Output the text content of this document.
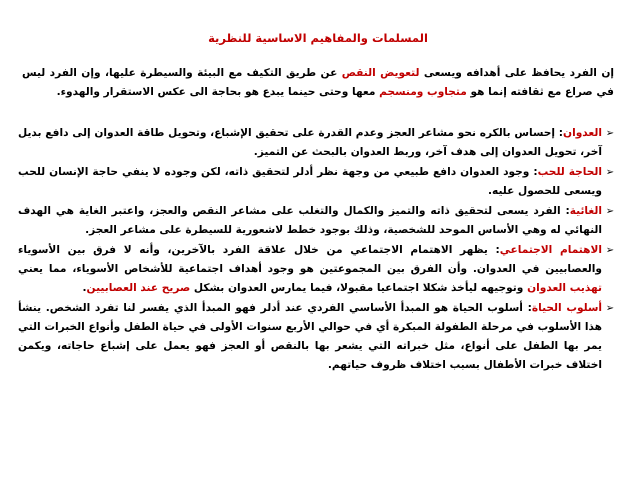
المسلمات والمفاهيم الاساسية للنظرية

إن الفرد يحافظ على أهدافه ويسعى لتعويض النقص عن طريق التكيف مع البيئة والسيطرة عليها، وإن الفرد ليس في صراع مع ثقافته إنما هو متجاوب ومنسجم معها وحتى حينما يبدع هو بحاجة الى عكس الاستقرار والهدوء.

➢
العدوان: إحساس بالكره نحو مشاعر العجز وعدم القدرة على تحقيق الإشباع، وتحويل طاقة العدوان إلى دافع بديل آخر، تحويل العدوان إلى هدف آخر، وربط العدوان بالبحث عن التميز.
➢
الحاجة للحب: وجود العدوان دافع طبيعي من وجهة نظر أدلر لتحقيق ذاته، لكن وجوده لا ينفي حاجة الإنسان للحب ويسعى للحصول عليه.
➢
الغائية: الفرد يسعى لتحقيق ذاته والتميز والكمال والتغلب على مشاعر النقص والعجز، واعتبر الغاية هي الهدف النهائي له وهي الأساس الموحد للشخصية، وذلك بوجود خطط لاشعورية للسيطرة على مشاعر العجز.
➢
الاهتمام الاجتماعي: يظهر الاهتمام الاجتماعي من خلال علاقة الفرد بالآخرين، وأنه لا فرق بين الأسوياء والعصابيين في العدوان. وأن الفرق بين المجموعتين هو وجود أهداف اجتماعية للأشخاص الأسوياء، مما يعني تهذيب العدوان وتوجيهه ليأخذ شكلا اجتماعيا مقبولا، فيما يمارس العدوان بشكل صريح عند العصابيين.
➢
أسلوب الحياة: أسلوب الحياة هو المبدأ الأساسي الفردي عند أدلر فهو المبدأ الذي يفسر لنا تفرد الشخص. ينشأ هذا الأسلوب في مرحلة الطفولة المبكرة أي في حوالي الأربع سنوات الأولى في حياة الطفل وأنواع الخبرات التي يمر بها الطفل على أنواع، مثل خبراته التي يشعر بها بالنقص أو العجز فهو يعمل على إشباع حاجاته، ويكمن اختلاف خبرات الأطفال بسبب اختلاف ظروف حياتهم.
